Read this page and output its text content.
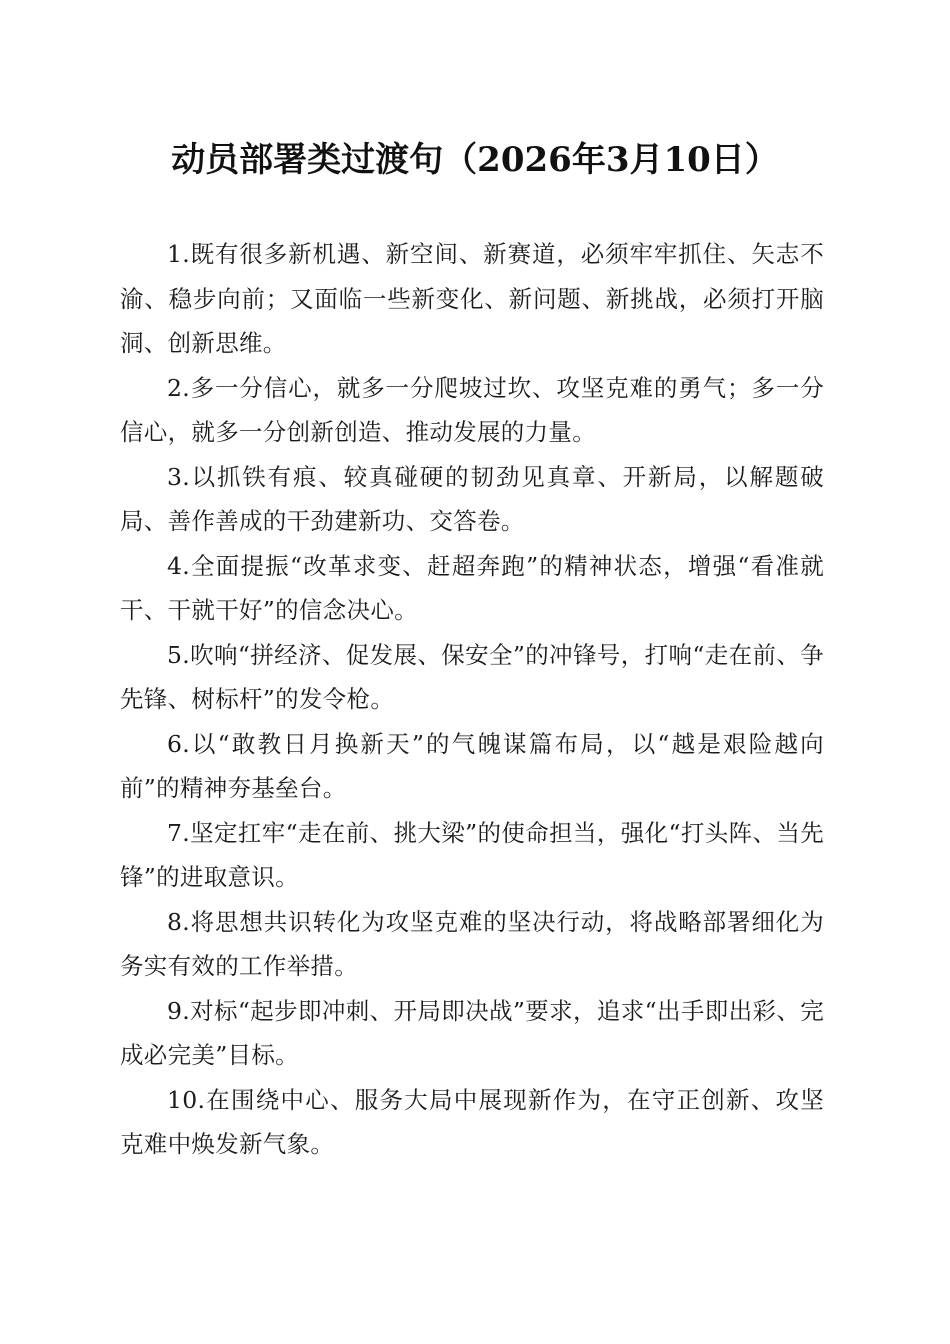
动员部署类过渡句（2026年3月10日）

1.既有很多新机遇、新空间、新赛道，必须牢牢抓住、矢志不渝、稳步向前；又面临一些新变化、新问题、新挑战，必须打开脑洞、创新思维。

2.多一分信心，就多一分爬坡过坎、攻坚克难的勇气；多一分信心，就多一分创新创造、推动发展的力量。

3.以抓铁有痕、较真碰硬的韧劲见真章、开新局，以解题破局、善作善成的干劲建新功、交答卷。

4.全面提振“改革求变、赶超奔跑”的精神状态，增强“看准就干、干就干好”的信念决心。

5.吹响“拼经济、促发展、保安全”的冲锋号，打响“走在前、争先锋、树标杆”的发令枪。

6.以“敢教日月换新天”的气魄谋篇布局，以“越是艰险越向前”的精神夯基垒台。

7.坚定扛牢“走在前、挑大梁”的使命担当，强化“打头阵、当先锋”的进取意识。

8.将思想共识转化为攻坚克难的坚决行动，将战略部署细化为务实有效的工作举措。

9.对标“起步即冲刺、开局即决战”要求，追求“出手即出彩、完成必完美”目标。

10.在围绕中心、服务大局中展现新作为，在守正创新、攻坚克难中焕发新气象。
